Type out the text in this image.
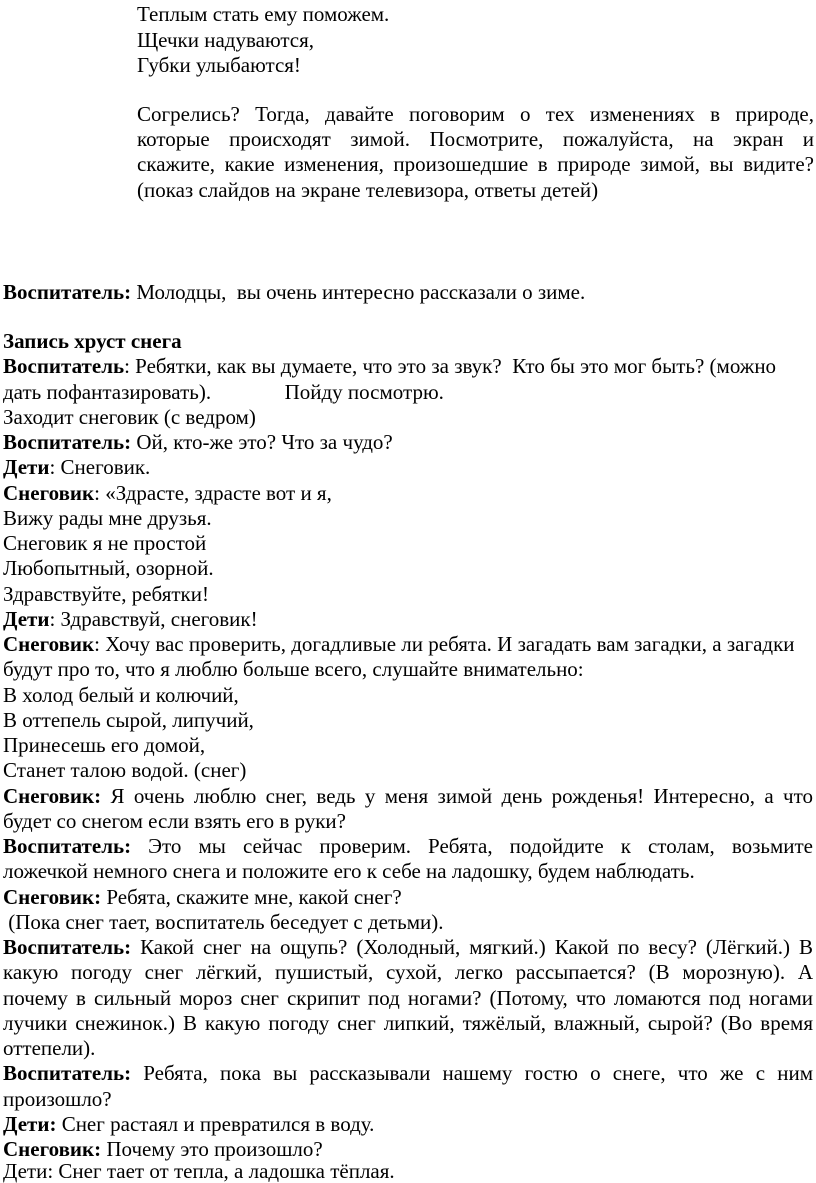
Теплым стать ему поможем.
Щечки надуваются,
Губки улыбаются!
Согрелись? Тогда, давайте поговорим о тех изменениях в природе,
которые происходят зимой. Посмотрите, пожалуйста, на экран и
скажите, какие изменения, произошедшие в природе зимой, вы видите?
(показ слайдов на экране телевизора, ответы детей)
Воспитатель: Молодцы,  вы очень интересно рассказали о зиме.
Запись хруст снега
Воспитатель: Ребятки, как вы думаете, что это за звук?  Кто бы это мог быть? (можно
дать пофантазировать).              Пойду посмотрю.
Заходит снеговик (с ведром)
Воспитатель: Ой, кто-же это? Что за чудо?
Дети: Снеговик.
Снеговик: «Здрасте, здрасте вот и я,
Вижу рады мне друзья.
Снеговик я не простой
Любопытный, озорной.
Здравствуйте, ребятки!
Дети: Здравствуй, снеговик!
Снеговик: Хочу вас проверить, догадливые ли ребята. И загадать вам загадки, а загадки
будут про то, что я люблю больше всего, слушайте внимательно:
В холод белый и колючий,
В оттепель сырой, липучий,
Принесешь его домой,
Станет талою водой. (снег)
Снеговик: Я очень люблю снег, ведь у меня зимой день рожденья! Интересно, а что
будет со снегом если взять его в руки?
Воспитатель: Это мы сейчас проверим. Ребята, подойдите к столам, возьмите
ложечкой немного снега и положите его к себе на ладошку, будем наблюдать.
Снеговик: Ребята, скажите мне, какой снег?
(Пока снег тает, воспитатель беседует с детьми).
Воспитатель: Какой снег на ощупь? (Холодный, мягкий.) Какой по весу? (Лёгкий.) В
какую погоду снег лёгкий, пушистый, сухой, легко рассыпается? (В морозную). А
почему в сильный мороз снег скрипит под ногами? (Потому, что ломаются под ногами
лучики снежинок.) В какую погоду снег липкий, тяжёлый, влажный, сырой? (Во время
оттепели).
Воспитатель: Ребята, пока вы рассказывали нашему гостю о снеге, что же с ним
произошло?
Дети: Снег растаял и превратился в воду.
Снеговик: Почему это произошло?
Дети: Снег тает от тепла, а ладошка тёплая.
